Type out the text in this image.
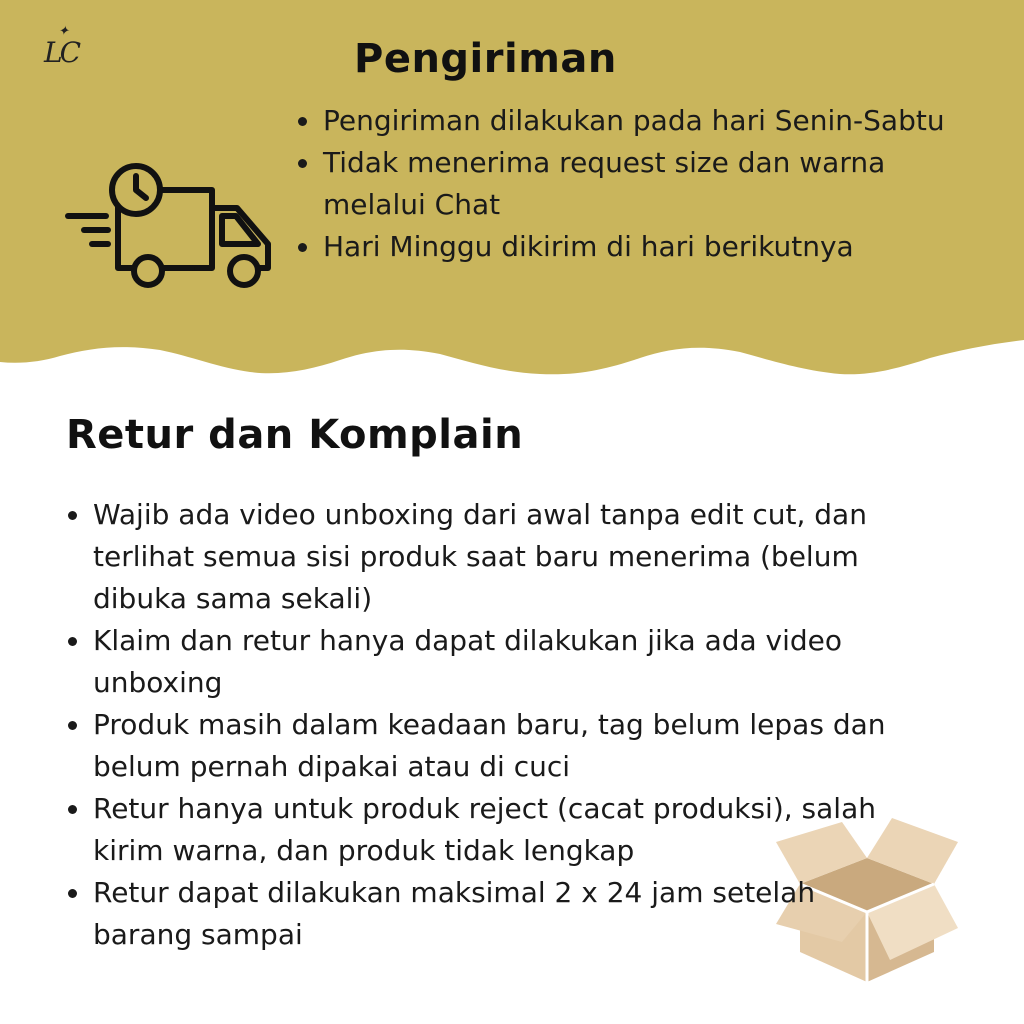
✦
LC	Pengiriman
Pengiriman dilakukan pada hari Senin-Sabtu
Tidak menerima request size dan warna melalui Chat
Hari Minggu dikirim di hari berikutnya
Retur dan Komplain
Wajib ada video unboxing dari awal tanpa edit cut, dan terlihat semua sisi produk saat baru menerima (belum dibuka sama sekali)
Klaim dan retur hanya dapat dilakukan jika ada video unboxing
Produk masih dalam keadaan baru, tag belum lepas dan belum pernah dipakai atau di cuci
Retur hanya untuk produk reject (cacat produksi), salah kirim warna, dan produk tidak lengkap
Retur dapat dilakukan maksimal 2 x 24 jam setelah barang sampai
